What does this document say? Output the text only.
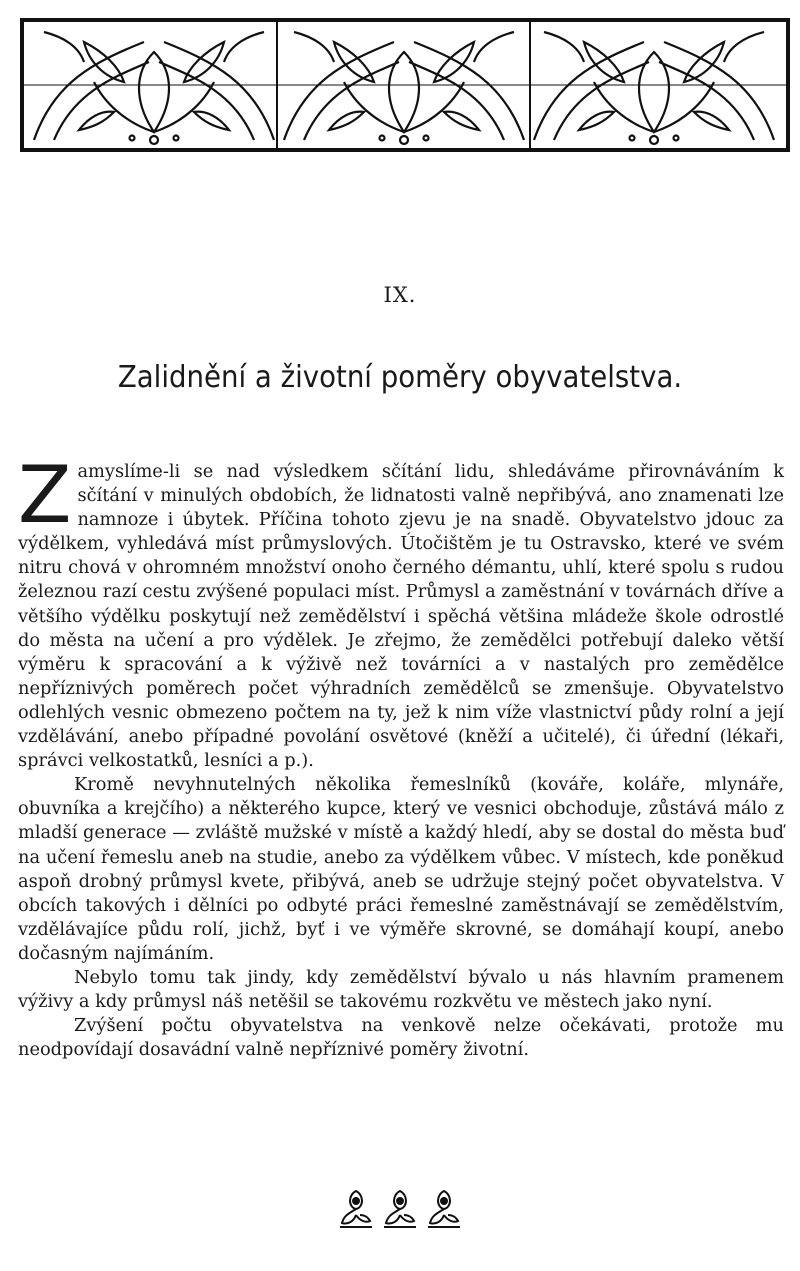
IX.
Zalidnění a životní poměry obyvatelstva.

Zamyslíme-li se nad výsledkem sčítání lidu, shledáváme přirovnáváním k sčítání v minulých obdobích, že lidnatosti valně nepřibývá, ano znamenati lze namnoze i úbytek. Příčina tohoto zjevu je na snadě. Obyvatelstvo jdouc za výdělkem, vyhledává míst průmyslových. Útočištěm je tu Ostravsko, které ve svém nitru chová v ohromném množství onoho černého démantu, uhlí, které spolu s rudou železnou razí cestu zvýšené populaci míst. Průmysl a zaměstnání v továrnách dříve a většího výdělku poskytují než zemědělství i spěchá většina mládeže škole odrostlé do města na učení a pro výdělek. Je zřejmo, že zemědělci potřebují daleko větší výměru k spracování a k výživě než továrníci a v nastalých pro zemědělce nepříznivých poměrech počet výhradních zemědělců se zmenšuje. Obyvatelstvo odlehlých vesnic obmezeno počtem na ty, jež k nim víže vlastnictví půdy rolní a její vzdělávání, anebo případné povolání osvětové (kněží a učitelé), či úřední (lékaři, správci velkostatků, lesníci a p.).

Kromě nevyhnutelných několika řemeslníků (kováře, koláře, mlynáře, obuvníka a krejčího) a některého kupce, který ve vesnici obchoduje, zůstává málo z mladší generace — zvláště mužské v místě a každý hledí, aby se dostal do města buď na učení řemeslu aneb na studie, anebo za výdělkem vůbec. V místech, kde poněkud aspoň drobný průmysl kvete, přibývá, aneb se udržuje stejný počet obyvatelstva. V obcích takových i dělníci po odbyté práci řemeslné zaměstnávají se zemědělstvím, vzdělávajíce půdu rolí, jichž, byť i ve výměře skrovné, se domáhají koupí, anebo dočasným najímáním.

Nebylo tomu tak jindy, kdy zemědělství bývalo u nás hlavním pramenem výživy a kdy průmysl náš netěšil se takovému rozkvětu ve městech jako nyní.

Zvýšení počtu obyvatelstva na venkově nelze očekávati, protože mu neodpovídají dosavádní valně nepříznivé poměry životní.
